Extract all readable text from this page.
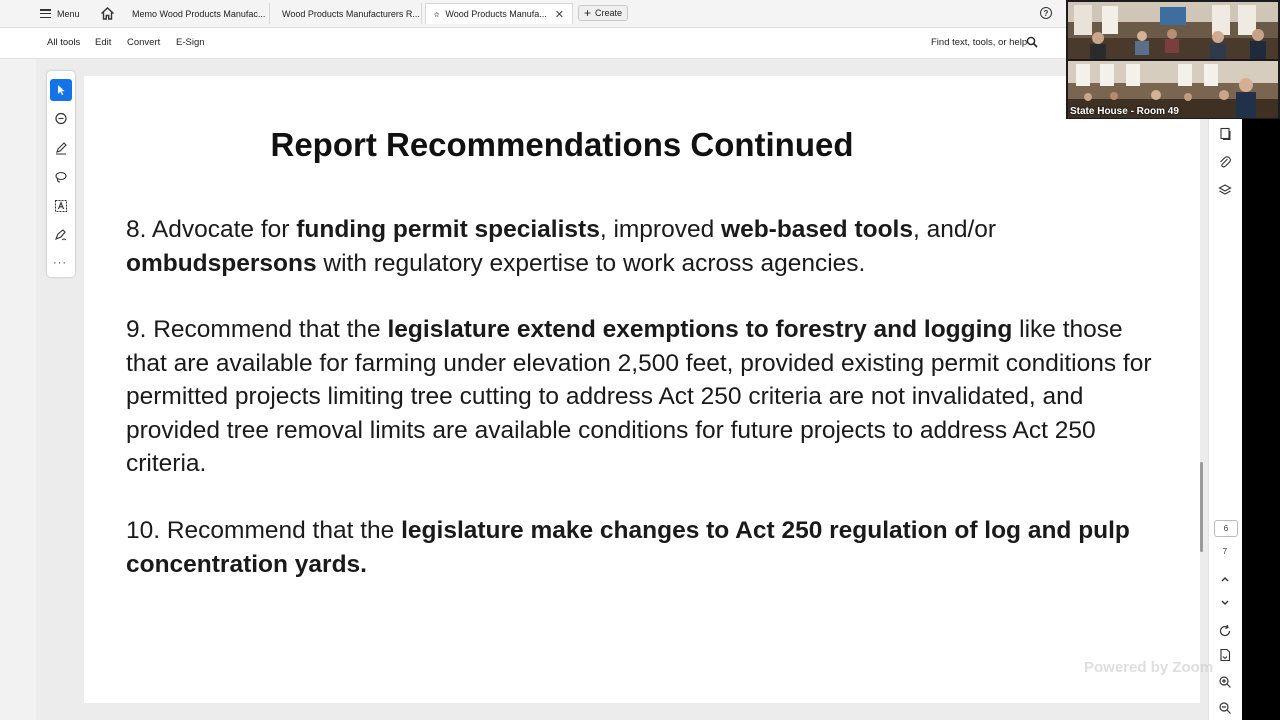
Menu	Memo Wood Products Manufac... Wood Products Manufacturers R...	Wood Products Manufa... ✕ + Create	?
All tools Edit Convert E-Sign	Find text, tools, or help
Report Recommendations Continued
8. Advocate for funding permit specialists, improved web-based tools, and/or ombudspersons with regulatory expertise to work across agencies.
9. Recommend that the legislature extend exemptions to forestry and logging like those that are available for farming under elevation 2,500 feet, provided existing permit conditions for permitted projects limiting tree cutting to address Act 250 criteria are not invalidated, and provided tree removal limits are available conditions for future projects to address Act 250 criteria.
10. Recommend that the legislature make changes to Act 250 regulation of log and pulp concentration yards.
···
6
7
State House - Room 49
Powered by Zoom
